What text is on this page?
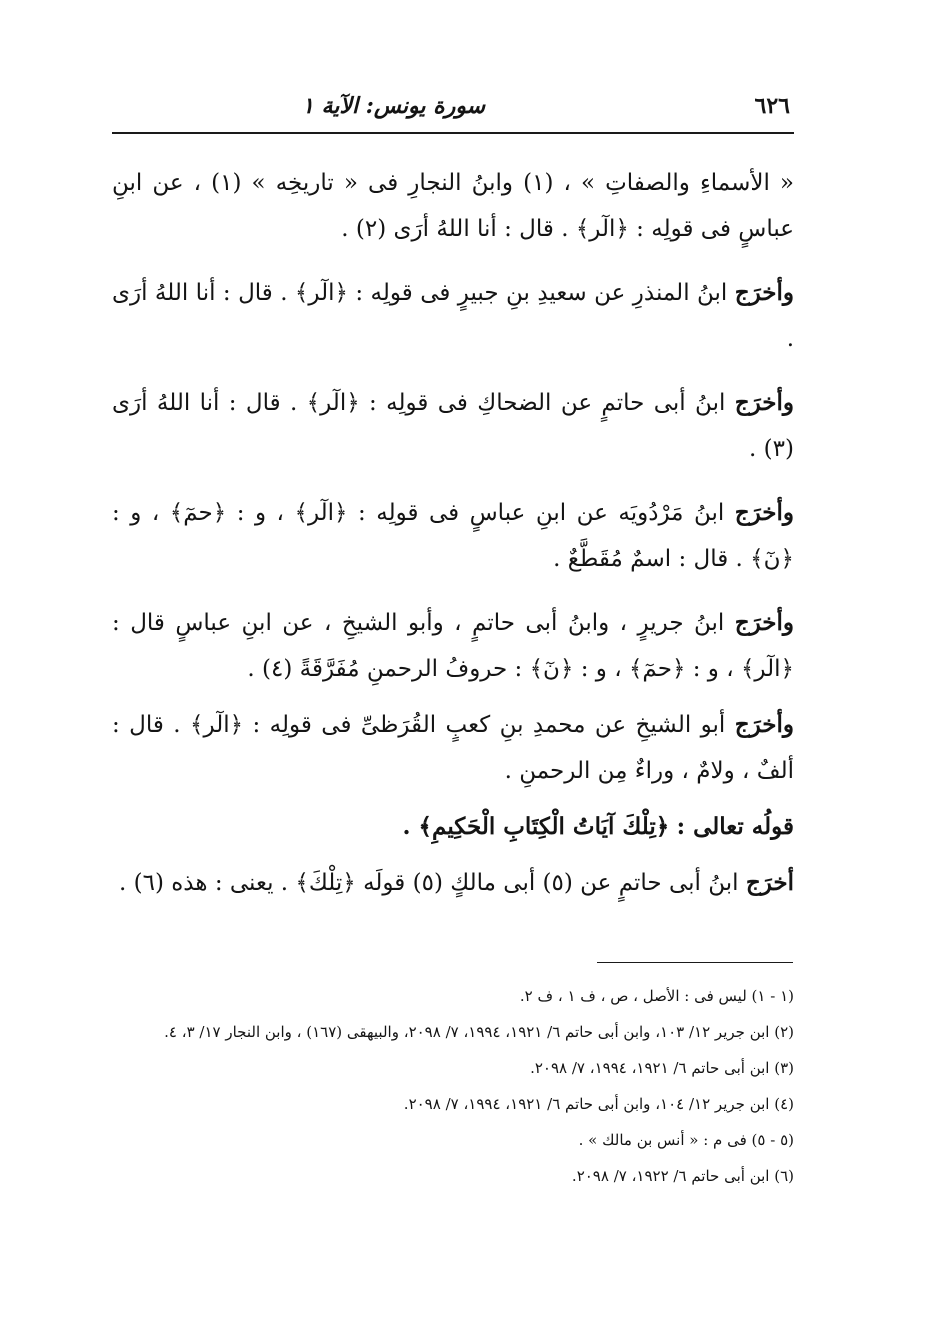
٦٢٦
سورة يونس: الآية ١

« الأسماءِ والصفاتِ » ، (١) وابنُ النجارِ فى « تاريخِه » (١) ، عن ابنِ عباسٍ فى قولِه : ﴿الٓر﴾ . قال : أنا اللهُ أرَى (٢) .

وأخرَج ابنُ المنذرِ عن سعيدِ بنِ جبيرٍ فى قولِه : ﴿الٓر﴾ . قال : أنا اللهُ أرَى .

وأخرَج ابنُ أبى حاتمٍ عن الضحاكِ فى قولِه : ﴿الٓر﴾ . قال : أنا اللهُ أرَى (٣) .

وأخرَج ابنُ مَرْدُويَه عن ابنِ عباسٍ فى قولِه : ﴿الٓر﴾ ، و : ﴿حمٓ﴾ ، و : ﴿نٓ﴾ . قال : اسمٌ مُقَطَّعٌ .

وأخرَج ابنُ جريرٍ ، وابنُ أبى حاتمٍ ، وأبو الشيخِ ، عن ابنِ عباسٍ قال : ﴿الٓر﴾ ، و : ﴿حمٓ﴾ ، و : ﴿نٓ﴾ : حروفُ الرحمنِ مُفَرَّقَةً (٤) .

وأخرَج أبو الشيخِ عن محمدِ بنِ كعبٍ القُرَظىِّ فى قولِه : ﴿الٓر﴾ . قال : ألفٌ ، ولامٌ ، وراءٌ مِن الرحمنِ .

قولُه تعالى : ﴿تِلْكَ آيَاتُ الْكِتَابِ الْحَكِيمِ﴾ .

أخرَج ابنُ أبى حاتمٍ عن (٥) أبى مالكٍ (٥) قولَه ﴿تِلْكَ﴾ . يعنى : هذه (٦) .

(١ - ١) ليس فى : الأصل ، ص ، ف ١ ، ف ٢.

(٢) ابن جرير ١٢/ ١٠٣، وابن أبى حاتم ٦/ ١٩٢١، ١٩٩٤، ٧/ ٢٠٩٨، والبيهقى (١٦٧) ، وابن النجار ١٧/ ٣، ٤.

(٣) ابن أبى حاتم ٦/ ١٩٢١، ١٩٩٤، ٧/ ٢٠٩٨.

(٤) ابن جرير ١٢/ ١٠٤، وابن أبى حاتم ٦/ ١٩٢١، ١٩٩٤، ٧/ ٢٠٩٨.

(٥ - ٥) فى م : « أنس بن مالك » .

(٦) ابن أبى حاتم ٦/ ١٩٢٢، ٧/ ٢٠٩٨.
